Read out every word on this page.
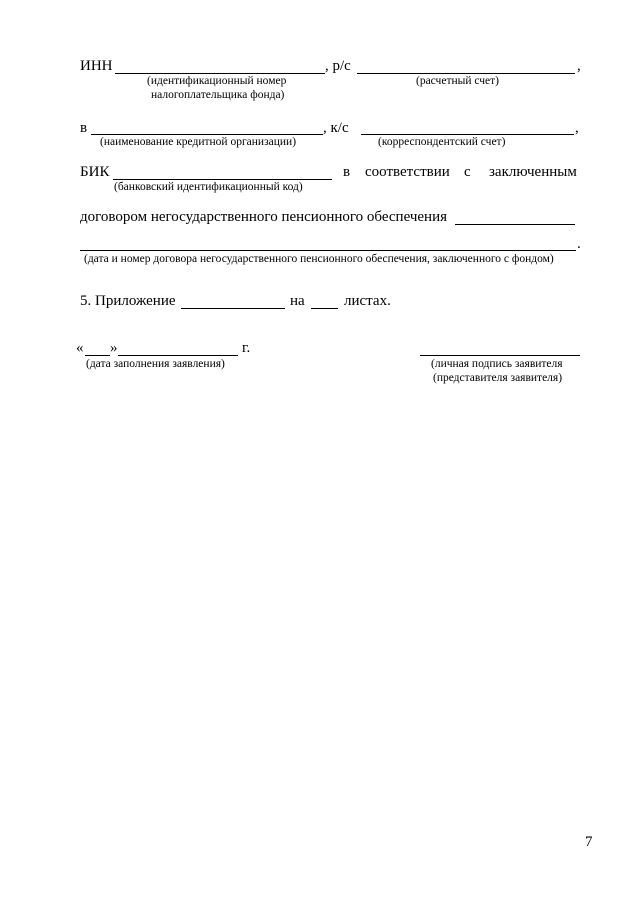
ИНН	, р/с	,
(идентификационный номер
налогоплательщика фонда)
(расчетный счет)
в	, к/с	,
(наименование кредитной организации)	(корреспондентский счет)
БИК	в соответствии с заключенным
(банковский идентификационный код)
договором негосударственного пенсионного обеспечения
.
(дата и номер договора негосударственного пенсионного обеспечения, заключенного с фондом)
5. Приложение	на	листах.
« »	г.
(дата заполнения заявления)	(личная подпись заявителя
(представителя заявителя)
7
